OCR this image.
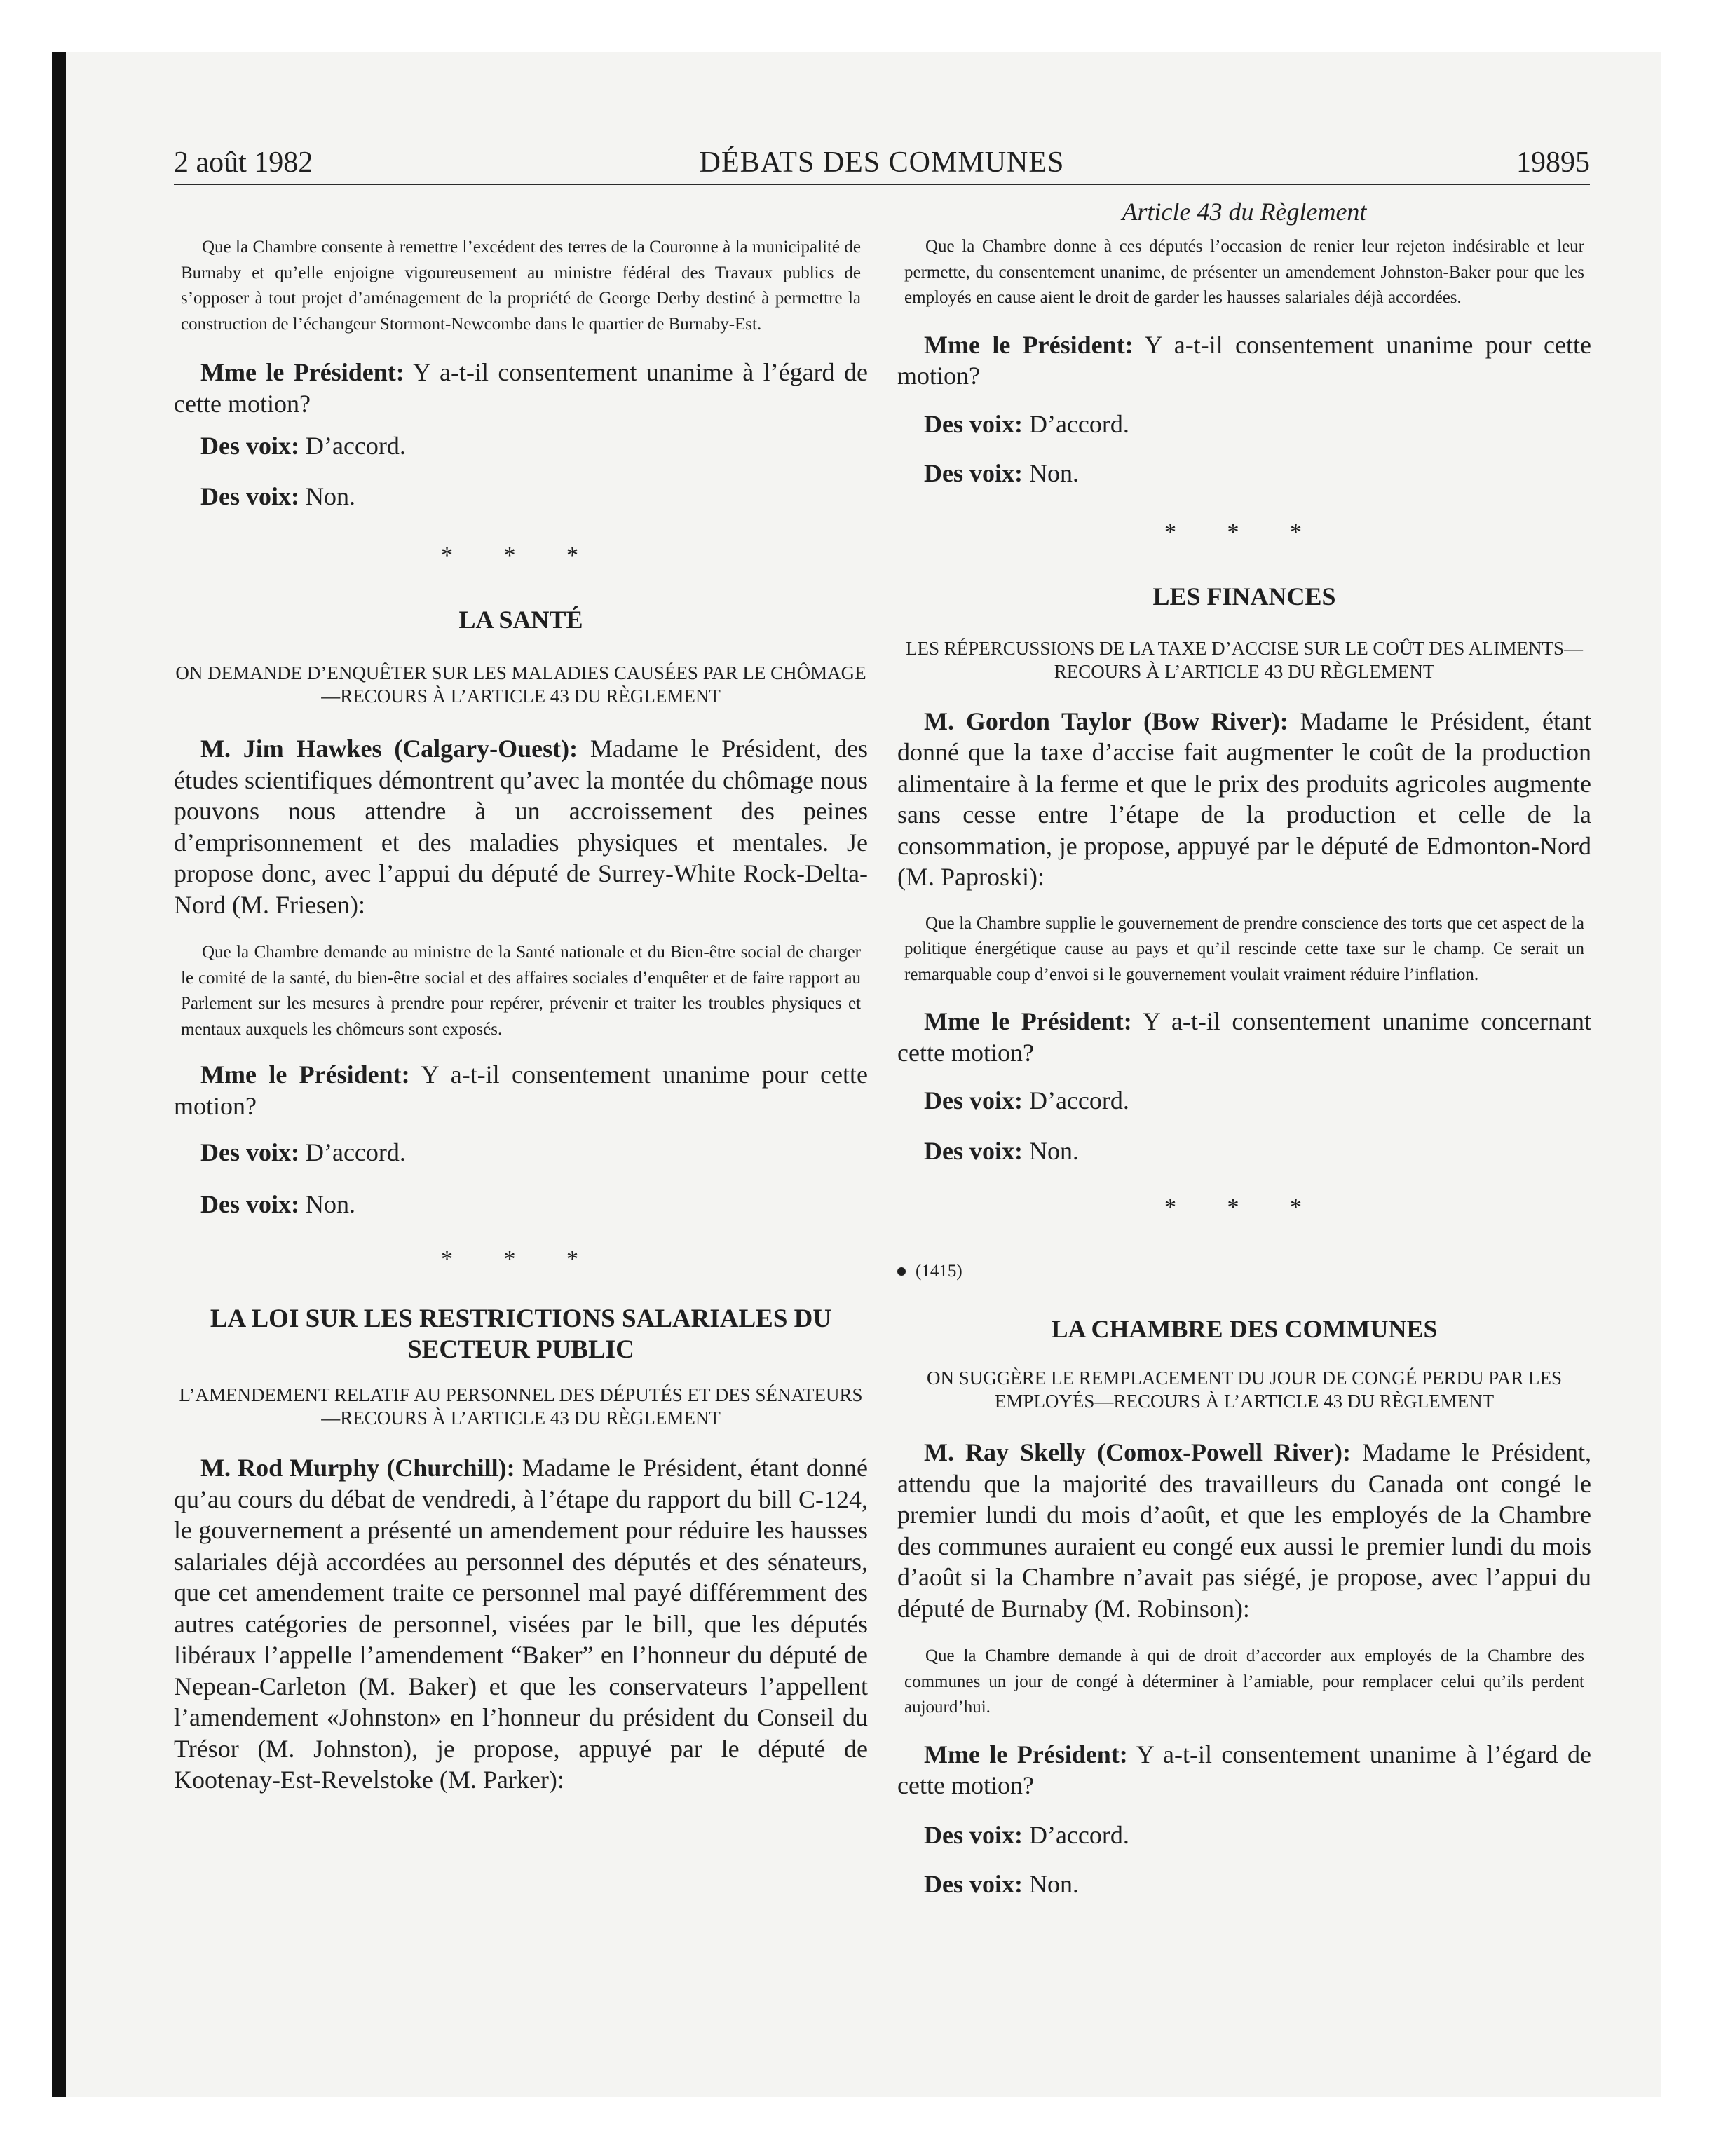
2 août 1982	DÉBATS DES COMMUNES	19895

Que la Chambre consente à remettre l’excédent des terres de la Couronne à la municipalité de Burnaby et qu’elle enjoigne vigoureusement au ministre fédéral des Travaux publics de s’opposer à tout projet d’aménagement de la propriété de George Derby destiné à permettre la construction de l’échangeur Stormont-Newcombe dans le quartier de Burnaby-Est.

Mme le Président: Y a-t-il consentement unanime à l’égard de cette motion?

Des voix: D’accord.

Des voix: Non.

* * *

LA SANTÉ

ON DEMANDE D’ENQUÊTER SUR LES MALADIES CAUSÉES PAR LE CHÔMAGE—RECOURS À L’ARTICLE 43 DU RÈGLEMENT

M. Jim Hawkes (Calgary-Ouest): Madame le Président, des études scientifiques démontrent qu’avec la montée du chômage nous pouvons nous attendre à un accroissement des peines d’emprisonnement et des maladies physiques et mentales. Je propose donc, avec l’appui du député de Surrey-White Rock-Delta-Nord (M. Friesen):

Que la Chambre demande au ministre de la Santé nationale et du Bien-être social de charger le comité de la santé, du bien-être social et des affaires sociales d’enquêter et de faire rapport au Parlement sur les mesures à prendre pour repérer, prévenir et traiter les troubles physiques et mentaux auxquels les chômeurs sont exposés.

Mme le Président: Y a-t-il consentement unanime pour cette motion?

Des voix: D’accord.

Des voix: Non.

* * *

LA LOI SUR LES RESTRICTIONS SALARIALES DU SECTEUR PUBLIC

L’AMENDEMENT RELATIF AU PERSONNEL DES DÉPUTÉS ET DES SÉNATEURS—RECOURS À L’ARTICLE 43 DU RÈGLEMENT

M. Rod Murphy (Churchill): Madame le Président, étant donné qu’au cours du débat de vendredi, à l’étape du rapport du bill C-124, le gouvernement a présenté un amendement pour réduire les hausses salariales déjà accordées au personnel des députés et des sénateurs, que cet amendement traite ce personnel mal payé différemment des autres catégories de personnel, visées par le bill, que les députés libéraux l’appelle l’amendement “Baker” en l’honneur du député de Nepean-Carleton (M. Baker) et que les conservateurs l’appellent l’amendement «Johnston» en l’honneur du président du Conseil du Trésor (M. Johnston), je propose, appuyé par le député de Kootenay-Est-Revelstoke (M. Parker):

Article 43 du Règlement

Que la Chambre donne à ces députés l’occasion de renier leur rejeton indésirable et leur permette, du consentement unanime, de présenter un amendement Johnston-Baker pour que les employés en cause aient le droit de garder les hausses salariales déjà accordées.

Mme le Président: Y a-t-il consentement unanime pour cette motion?

Des voix: D’accord.

Des voix: Non.

* * *

LES FINANCES

LES RÉPERCUSSIONS DE LA TAXE D’ACCISE SUR LE COÛT DES ALIMENTS—RECOURS À L’ARTICLE 43 DU RÈGLEMENT

M. Gordon Taylor (Bow River): Madame le Président, étant donné que la taxe d’accise fait augmenter le coût de la production alimentaire à la ferme et que le prix des produits agricoles augmente sans cesse entre l’étape de la production et celle de la consommation, je propose, appuyé par le député de Edmonton-Nord (M. Paproski):

Que la Chambre supplie le gouvernement de prendre conscience des torts que cet aspect de la politique énergétique cause au pays et qu’il rescinde cette taxe sur le champ. Ce serait un remarquable coup d’envoi si le gouvernement voulait vraiment réduire l’inflation.

Mme le Président: Y a-t-il consentement unanime concernant cette motion?

Des voix: D’accord.

Des voix: Non.

* * *

(1415)

LA CHAMBRE DES COMMUNES

ON SUGGÈRE LE REMPLACEMENT DU JOUR DE CONGÉ PERDU PAR LES EMPLOYÉS—RECOURS À L’ARTICLE 43 DU RÈGLEMENT

M. Ray Skelly (Comox-Powell River): Madame le Président, attendu que la majorité des travailleurs du Canada ont congé le premier lundi du mois d’août, et que les employés de la Chambre des communes auraient eu congé eux aussi le premier lundi du mois d’août si la Chambre n’avait pas siégé, je propose, avec l’appui du député de Burnaby (M. Robinson):

Que la Chambre demande à qui de droit d’accorder aux employés de la Chambre des communes un jour de congé à déterminer à l’amiable, pour remplacer celui qu’ils perdent aujourd’hui.

Mme le Président: Y a-t-il consentement unanime à l’égard de cette motion?

Des voix: D’accord.

Des voix: Non.
